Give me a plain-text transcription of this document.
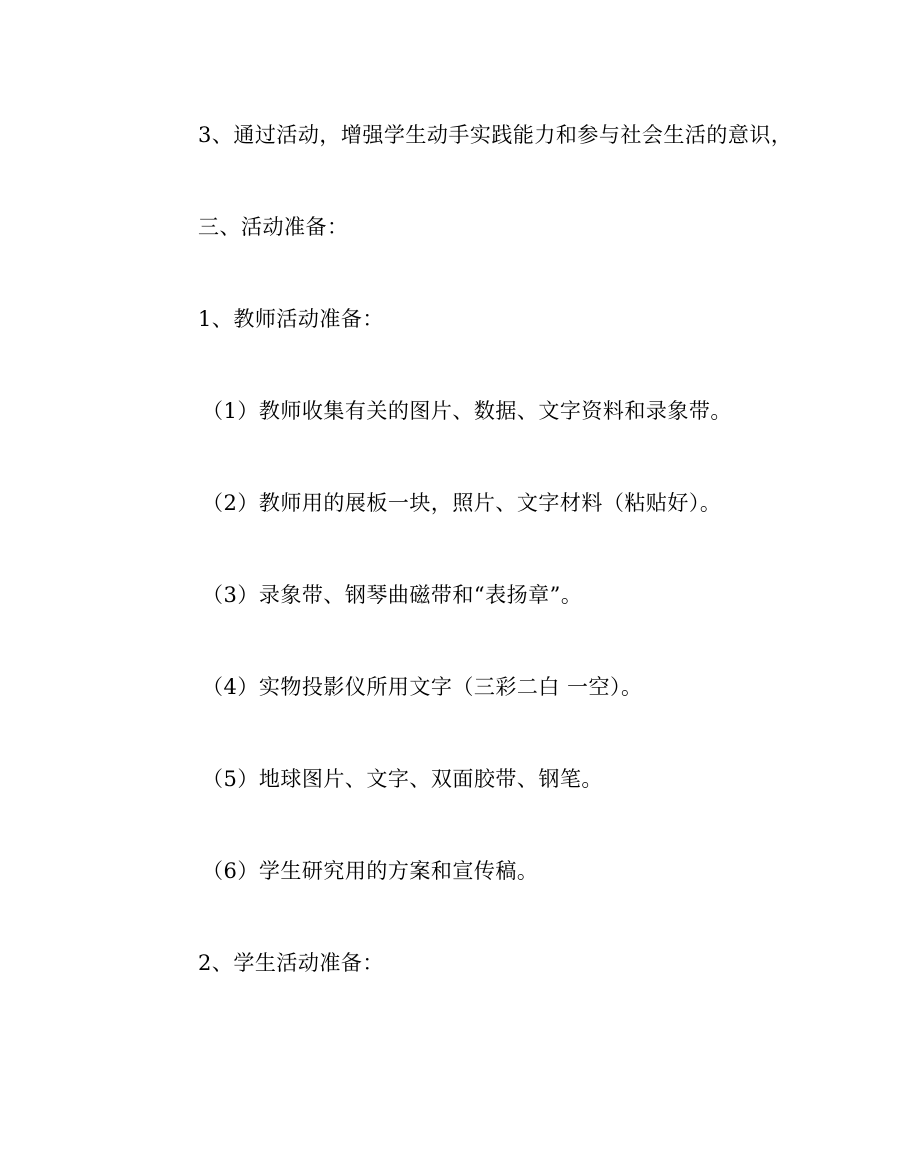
3、通过活动，增强学生动手实践能力和参与社会生活的意识，
三、活动准备：
1、教师活动准备：
（1）教师收集有关的图片、数据、文字资料和录象带。
（2）教师用的展板一块，照片、文字材料（粘贴好）。
（3）录象带、钢琴曲磁带和“表扬章”。
（4）实物投影仪所用文字（三彩二白 一空）。
（5）地球图片、文字、双面胶带、钢笔。
（6）学生研究用的方案和宣传稿。
2、学生活动准备：
